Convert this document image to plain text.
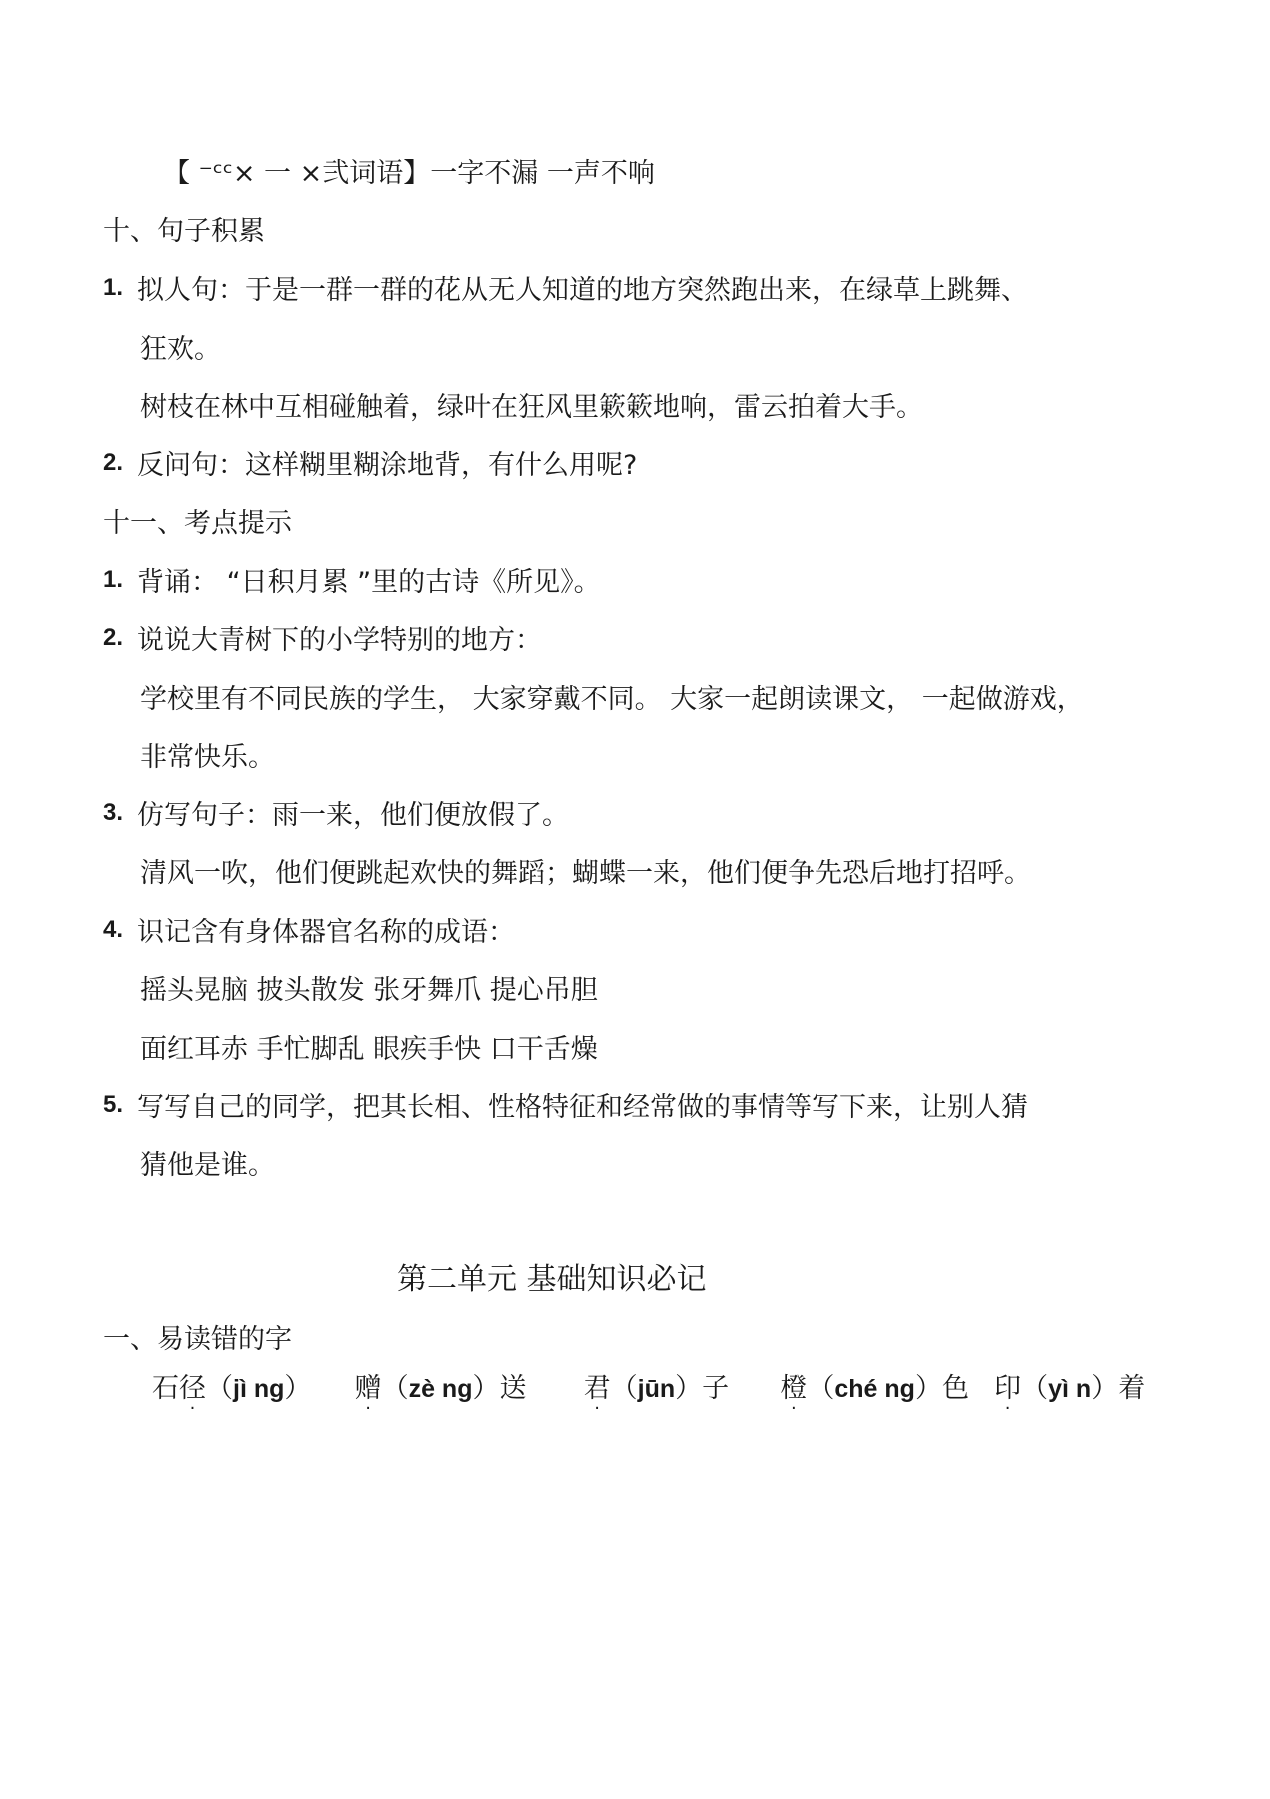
【 ⁻ᶜᶜ× 一 ×弐词语】一字不漏 一声不响
十、句子积累
1. 拟人句：于是一群一群的花从无人知道的地方突然跑出来，在绿草上跳舞、
狂欢。
树枝在林中互相碰触着，绿叶在狂风里簌簌地响，雷云拍着大手。
2. 反问句：这样糊里糊涂地背，有什么用呢?
十一、考点提示
1. 背诵： “日积月累 ”里的古诗《所见》。
2. 说说大青树下的小学特别的地方：
学校里有不同民族的学生， 大家穿戴不同。 大家一起朗读课文， 一起做游戏，
非常快乐。
3. 仿写句子：雨一来，他们便放假了。
清风一吹，他们便跳起欢快的舞蹈；蝴蝶一来，他们便争先恐后地打招呼。
4. 识记含有身体器官名称的成语：
摇头晃脑 披头散发 张牙舞爪 提心吊胆
面红耳赤 手忙脚乱 眼疾手快 口干舌燥
5. 写写自己的同学，把其长相、性格特征和经常做的事情等写下来，让别人猜
猜他是谁。
第二单元 基础知识必记
一、易读错的字
石径（jì ng） 赠（zè ng）送 君（jūn）子 橙（ché ng）色 印（yì n）着
